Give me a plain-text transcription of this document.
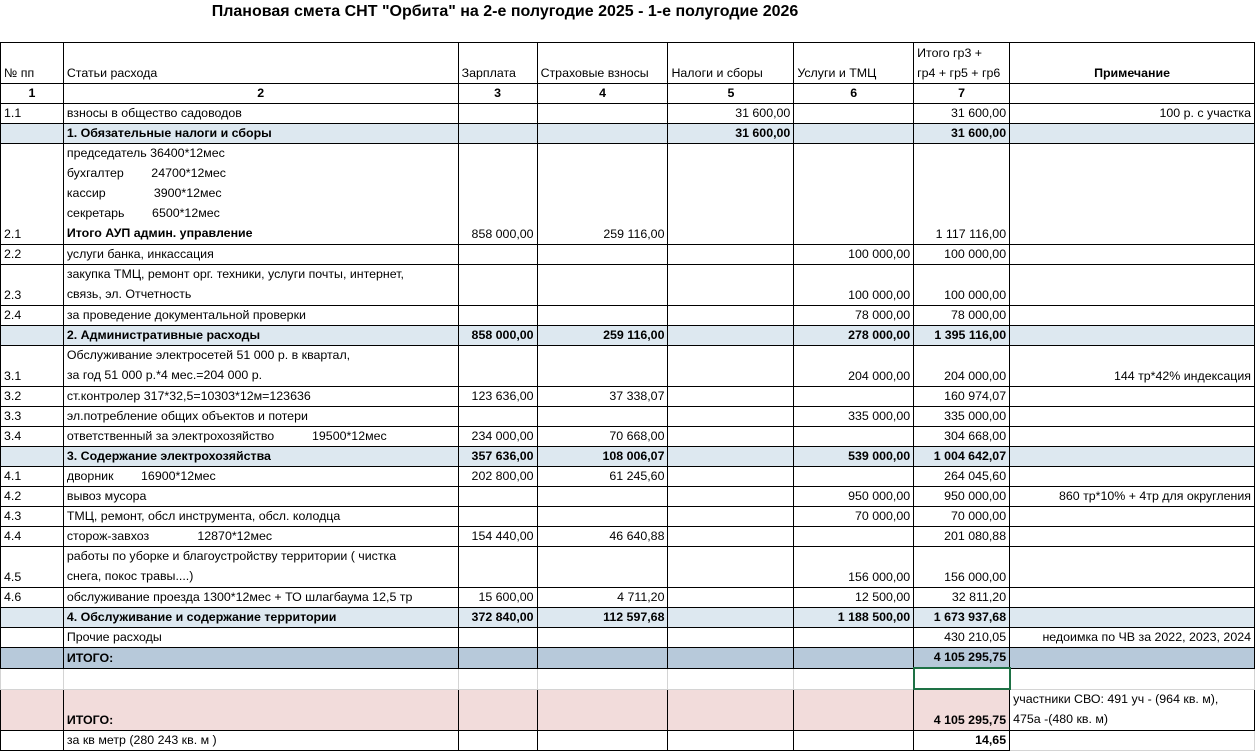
Плановая смета СНТ "Орбита" на 2-е полугодие 2025 - 1-е полугодие 2026
№ пп	Статьи расхода	Зарплата	Страховые взносы	Налоги и сборы	Услуги и ТМЦ	Итого гр3 +
гр4 + гр5 + гр6	Примечание
1	2	3	4	5	6	7	
1.1	взносы в общество садоводов			31 600,00		31 600,00	100 р. с участка
	1. Обязательные налоги и сборы			31 600,00		31 600,00	
2.1	председатель 36400*12мес
бухгалтер        24700*12мес
кассир              3900*12мес
секретарь        6500*12мес
Итого АУП админ. управление	858 000,00	259 116,00			1 117 116,00	
2.2	услуги банка, инкассация				100 000,00	100 000,00	
2.3	закупка ТМЦ, ремонт орг. техники, услуги почты, интернет,
связь, эл. Отчетность				100 000,00	100 000,00	
2.4	за проведение документальной проверки				78 000,00	78 000,00	
	2. Административные расходы	858 000,00	259 116,00		278 000,00	1 395 116,00	
3.1	Обслуживание электросетей 51 000 р. в квартал,
за год 51 000 р.*4 мес.=204 000 р.				204 000,00	204 000,00	144 тр*42% индексация
3.2	ст.контролер 317*32,5=10303*12м=123636	123 636,00	37 338,07			160 974,07	
3.3	эл.потребление общих объектов и потери				335 000,00	335 000,00	
3.4	ответственный за электрохозяйство           19500*12мес	234 000,00	70 668,00			304 668,00	
	3. Содержание электрохозяйства	357 636,00	108 006,07		539 000,00	1 004 642,07	
4.1	дворник        16900*12мес	202 800,00	61 245,60			264 045,60	
4.2	вывоз мусора				950 000,00	950 000,00	860 тр*10% + 4тр для округления
4.3	ТМЦ, ремонт, обсл инструмента, обсл. колодца				70 000,00	70 000,00	
4.4	сторож-завхоз              12870*12мес	154 440,00	46 640,88			201 080,88	
4.5	работы по уборке и благоустройству территории ( чистка
снега, покос травы....)				156 000,00	156 000,00	
4.6	обслуживание проезда 1300*12мес + ТО шлагбаума 12,5 тр	15 600,00	4 711,20		12 500,00	32 811,20	
	4. Обслуживание и содержание территории	372 840,00	112 597,68		1 188 500,00	1 673 937,68	
	Прочие расходы					430 210,05	недоимка по ЧВ за 2022, 2023, 2024
	ИТОГО:					4 105 295,75	

	ИТОГО:					4 105 295,75	участники СВО: 491 уч - (964 кв. м),
475а -(480 кв. м)

	за кв метр (280 243 кв. м )					14,65	
